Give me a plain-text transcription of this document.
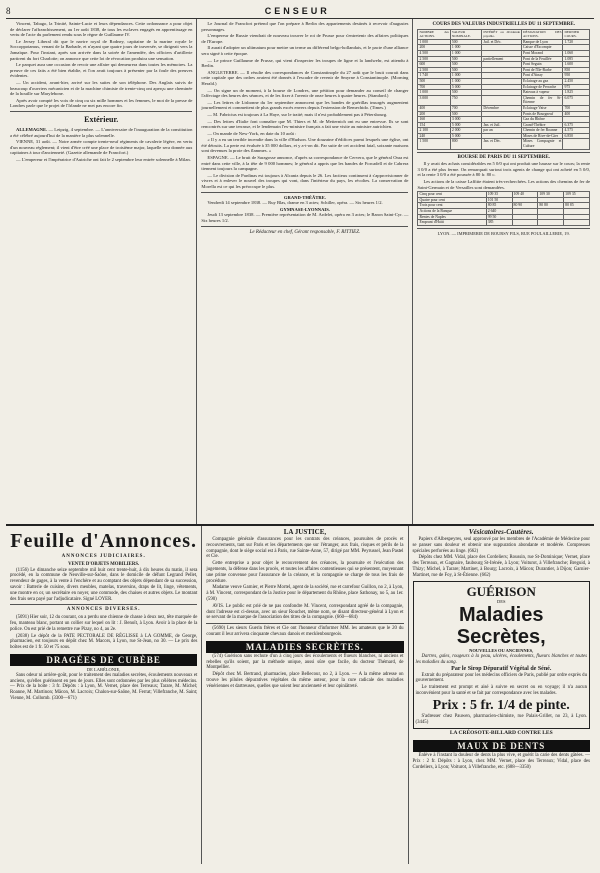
8	CENSEUR

Vincent, Tabago, la Trinité, Sainte-Lucie et leurs dépendances. Cette ordonnance a pour objet de déclarer l'affranchissement, au 1er août 1838, de tous les esclaves engagés en apprentissage en vertu de l'acte du parlement rendu sous le règne de Guillaume IV.

Le Jersey Liberal dit que le navire royal de Rodney, capitaine de la marine royale le Soccoppotamus, venant de la Barbade, et n'ayant que quatre jours de traversée, se dirigeait vers la Jamaïque. Pour l'instant, après son arrivée dans la soirée de l'amendée, des officiers d'artillerie partirent du fort Charlotte; on annonce que cette loi de révocation produira une sensation.

Le parquet aura une occasion de revoir une affaire qui demeurera dans toutes les mémoires. La preuve de ces faits a été bien établie, et l'on avait toujours à présenter par la foule des preuves évidentes.

— Un accident, avant-hier, arrivé sur les suites de son téléphone. Des Anglais suivis de beaucoup d'ouvriers mécanicien et de la machine chimiste de trente-cinq ont aperçu une cheminée de la houille sur Marylebone.

Après avoir compté les voix de cinq ou six mille hommes et les femmes, le mot de la presse de Londres parle que le projet de l'Irlande ne met pas encore fin.

Extérieur.

ALLEMAGNE. — Leipzig, 4 septembre. — L'anniversaire de l'inauguration de la constitution a été célébré aujourd'hui de la manière la plus solennelle.

VIENNE, 31 août. — Notre armée compte trente-neuf régiments de cavalerie légère, en vertu d'un nouveau règlement; il vient d'être créé une place de troisième major, laquelle sera donnée aux capitaines à tour d'ancienneté. (Gazette allemande de Francfort.)

— L'empereur et l'impératrice d'Autriche ont fait le 2 septembre leur entrée solennelle à Milan.

Le Journal de Francfort prétend que l'on prépare à Berlin des appartements destinés à recevoir d'augustes personnages.

L'empereur de Russie viendrait de nouveau trouver le roi de Prusse pour s'entretenir des affaires politiques de l'Europe.

Il aurait d'adopter un ultimatum pour mettre un terme au différend belgo-hollandais, et le pacte d'une alliance sera signé à cette époque.

— Le prince Guillaume de Prusse, qui vient d'inspecter les troupes de ligne et la landwehr, est attendu à Berlin.

ANGLETERRE. — Il résulte des correspondances de Constantinople du 27 août que le bruit courait dans cette capitale que des ordres avaient été donnés à l'escadre de revenir de Smyrne à Constantinople. (Morning Herald.)

— On signe un de moment, à la bourse de Londres, une pétition pour demander au conseil de changer l'affectage des heures des séances, et de les fixer à l'avenir de onze heures à quatre heures. (Standard.)

— Les lettres de Lisbonne du 1er septembre annoncent que les bandes de guérillas insurgés augmentent journellement et commettent de plus grands excès envers depuis l'extension de Remechido. (Times.)

— M. Fabricius est toujours à La Haye, sur le traité; mais il n'est probablement pas à Pétersbourg.

— Des lettres d'Italie font connaître que M. Thiers et M. de Metternich ont eu une entrevue. Ils se sont rencontrés sur une terrasse, et le lendemain l'ex-ministre français a fait une visite au ministre autrichien.

— On mande de New-York, en date du 10 août :

« Il y a eu un terrible incendie dans la ville d'Hudson. Une douzaine d'édifices parmi lesquels une église, ont été détruits. La perte est évaluée à 35 000 dollars, et y a-t-on dit. Par suite de cet accident fatal, soixante maisons sont devenues la proie des flammes. »

ESPAGNE. — Le bruit de Saragosse annonce, d'après sa correspondance de Cervera, que le général Oraa est entré dans cette ville, à la tête de 9 000 hommes; le général a appris que les bandes de Forcadell et de Cabrera tiennent toujours la campagne.

— Le division de Pardinas est toujours à Alcaniz depuis le 26. Les factieux continuent à s'approvisionner de vivres et à enlever le nouvel des troupes qui vont, dans l'intérieur du pays, les récoltes. La conservation de Morella est ce qui les préoccupe le plus.

GRAND-THÉÂTRE.

Vendredi 14 septembre 1838. — Ruy Blas, drame en 3 actes; Schiller, opéra. — Six heures 1/2.

GYMNASE-LYONNAIS.

Jeudi 13 septembre 1838. — Première représentation de M. Ardelet, opéra en 3 actes; le Baron Saint-Cyr. — Six heures 1/2.

Le Rédacteur en chef, Gérant responsable, F. RITTIEZ.
COURS DES VALEURS INDUSTRIELLES DU 11 SEPTEMBRE.
NOMBRE des ACTIONS.	VALEUR NOMINALE.	INTÉRÊT ou dividende payable.	DÉSIGNATION DES ACTIONS.	DERNIER COURS.
1 000	500	Juil. et Déc.	Banque de Lyon	1.720
200	1 000		Caisse d'Escompte	
4 500	1 000		Pont Morand	1.060
2 500	500	partiellement	Pont de la Feuillée	1.085
600	500		Pont Seguin	1.600
2 500	500		Pont de l'Ile-Barbe	850
1 740	1 000		Pont d'Ainay	950
500	1 000		Eclairage au gaz	2.450
700	5 000		Eclairage de Perrache	975
1 000	500		Bateaux à vapeur	1.825
3 000	750		Chemin de fer St-Étienne	6.075
400	700	Décembre	Eclairage Vaise	700
200	500		Ponts de Bourgneuf	400
160	3 000		Gaz du Rhône	
154	5 000	Jan. et Juil.	Grand-Théâtre	6.375
2 100	2 000	par an	Chemin de fer Roanne	4.575
240	5 000		Mines de Rive-de-Gier	6.850
1 500	800	Jan. et Déc.	Mines Compagnie et Culture	
BOURSE DE PARIS DU 11 SEPTEMBRE.

Il y avait des achats considérables en 5 0/0 qui ont produit une hausse sur le cours; la rente 3 0/0 a été plus ferme. On remarquait surtout trois agents de change qui ont acheté en 5 0/0, et la rente 3 0/0 a été poussée à 80 fr. 80 c.

Les actions de la caisse Laffitte étaient très-recherchées. Les actions des chemins de fer de Saint-Germain et de Versailles sont demandées.

Cinq pour cent	109 35	109 40	109 30	109 35
Quatre pour cent	101 50			
Trois pour cent	80 85	80 90	80 80	80 85
Actions de la Banque	2 640			
Rentes de Naples	99 50			
Emprunt d'Haïti	385			
LYON. — IMPRIMERIE DE BOURSY FILS, RUE POULAILLERIE, 19.
Feuille d'Annonces.
ANNONCES JUDICIAIRES.
VENTE D'OBJETS MOBILIERS.

(1156) Le dimanche seize septembre mil huit cent trente-huit, à dix heures du matin, il sera procédé, en la commune de Neuville-sur-Saône, dans le domicile de défunt Legrand Pellet, revendeur de gages, à la vente à l'enchère et au comptant des objets dépendant de sa succession, savoir : Batterie de cuisine, divers meubles, matelas, traversins, draps de lit, linge, vêtements, une montre en or, un secrétaire en noyer, une commode, des chaises et autres objets. Le montant des frais sera payé par l'adjudicataire. Signé LOYER.

ANNONCES DIVERSES.

(5091) Hier soir, 12 du courant, on a perdu une chienne de chasse à deux nez, tête marquée de feu, manteau blanc, portant un collier sur lequel on lit : J. Benoît, à Lyon. Avoir à la place de la police. On est prié de la remettre rue Pizay, no 4, au 2e.

(2038) Le dépôt de la PATE PECTORALE DE RÉGLISSE à LA GOMME, de George, pharmacien, est toujours en dépôt chez M. Macors, à Lyon, rue St-Jean, no 30. — Le prix des boîtes est de 1 fr. 50 et 75 sous.

DRAGÉES DE CUBÈBE
DE LABÉLONIE,

Sans odeur ni arrière-goût, pour le traitement des maladies secrètes, écoulements nouveaux et anciens, qu'elles guérissent en peu de jours. Elles sont ordonnées par les plus célèbres médecins. — Prix de la boîte : 3 fr. Dépôts : à Lyon, M. Vernet, place des Terreaux; Tarare, M. Michel; Roanne, M. Martinon; Mâcon, M. Lacroix; Chalon-sur-Saône, M. Ferrat; Villefranche, M. Saint; Vienne, M. Collomb. (3300—671)

LA JUSTICE,

Compagnie générale d'assurances pour les contrats des créances, poursuites de procès et recouvrements, tant sur Paris et les départements que sur l'étranger, aux frais, risques et périls de la compagnie, dont le siège social est à Paris, rue Sainte-Anne, 57, dirigé par MM. Peyrussel, Jean Pastel et Cie.

Cette entreprise a pour objet le recouvrement des créances, la poursuite et l'exécution des jugements, la défense dans les procès, et toutes les affaires contentieuses qui se présentent, moyennant une prime convenue pour l'assurance de la créance, et la compagnie se charge de tous les frais de procédure.

Madame veuve Garnier, et Pierre Mortel, agent de la société, rue et carrefour Guillon, no 2, à Lyon, à M. Vincent, correspondant de la Justice pour le département du Rhône, place Sathonay, no 5, au 1er. (590)

AVIS. Le public est prié de ne pas confondre M. Vincent, correspondant agréé de la compagnie, dont l'adresse est ci-dessus, avec un sieur Rouchet, même nom, se disant directeur-général à Lyon et se servant de la marque de l'association des titres de la compagnie. (660—684)

(5690) Les sieurs Guerin frères et Cie ont l'honneur d'informer MM. les amateurs que le 20 du courant il leur arrivera cinquante chevaux danois et mecklenbourgeois.

MALADIES SECRÈTES.

(574) Guérison sans rechute d'un à cinq jours des écoulements et flueurs blanches, ni anciens et rebelles qu'ils soient, par la méthode unique, aussi sûre que facile, du docteur Thémard, de Montpellier.

Dépôt chez M. Bertrand, pharmacien, place Bellecour, no 2, à Lyon. — A la même adresse on trouve les pilules dépuratives végétales du même auteur, pour la cure radicale des maladies vénériennes et dartreuses, quelles que soient leur ancienneté et leur opiniâtreté.

Vésicatoires-Cautères.

Papiers d'Albespeyres, seul approuvé par les membres de l'Académie de Médecine pour se panser sans douleur et obtenir une suppuration abondante et modérée. Compresses spéciales perforées au linge. (662)

Dépôts chez MM. Vidal, place des Cordeliers; Roussin, rue St-Dominique; Vernet, place des Terreaux, et Gagnaire, faubourg St-Irénée, à Lyon; Voiturot, à Villefranche; Breguid, à Thizy; Michel, à Tarare; Martinet, à Bourg; Lacroix, à Mâcon; Durantier, à Dijon; Garnier-Martinet, rue de Foy, à St-Étienne. (662)

GUÉRISON
DES
Maladies Secrètes,
NOUVELLES OU ANCIENNES,

Dartres, gales, rougeurs à la peau, ulcères, écoulements, flueurs blanches et toutes les maladies du sang.

Par le Sirop Dépuratif Végétal de Séné.

Extrait du préparateur pour les médecins officiers de Paris, publié par ordre exprès du gouvernement.

Le traitement est prompt et aisé à suivre en secret ou en voyage; il n'a aucun inconvénient pour la santé et se fait par correspondance avec les malades.

Prix : 5 fr. 1/4 de pinte.

S'adresser chez Pauwen, pharmacien-chimiste, rue Palais-Grillet, no 23, à Lyon. (3445)

LA CRÉOSOTE-BILLARD CONTRE LES
MAUX DE DENTS

Enlève à l'instant la douleur de dents la plus vive, et guérit la carie des dents gâtées. — Prix : 2 fr. Dépôts : à Lyon, chez MM. Vernet, place des Terreaux; Vidal, place des Cordeliers, à Lyon; Voiturot, à Villefranche, etc. (688—3350)
